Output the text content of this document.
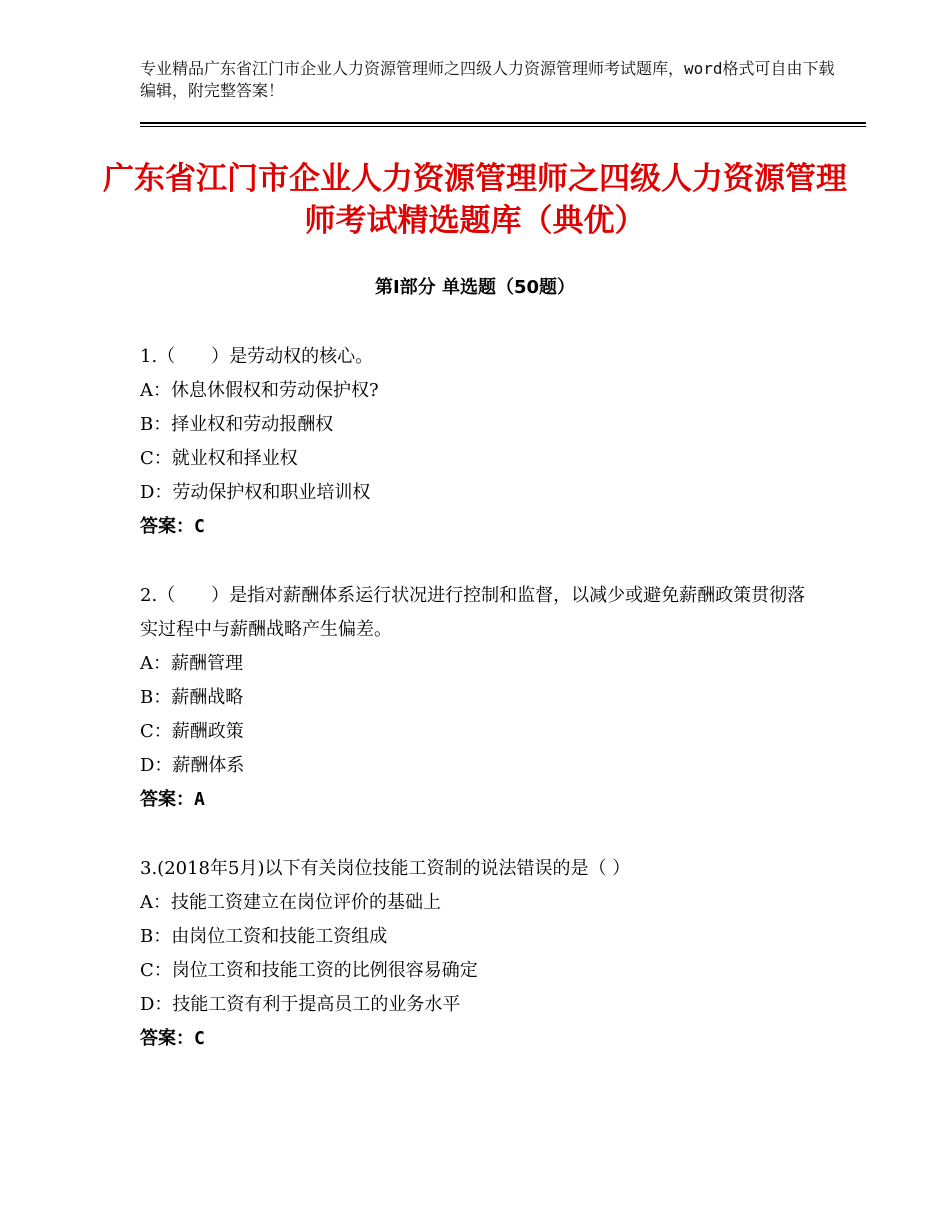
专业精品广东省江门市企业人力资源管理师之四级人力资源管理师考试题库，word格式可自由下载编辑，附完整答案！
广东省江门市企业人力资源管理师之四级人力资源管理师考试精选题库（典优）
第Ⅰ部分 单选题（50题）
1.（　　）是劳动权的核心。
A：休息休假权和劳动保护权?
B：择业权和劳动报酬权
C：就业权和择业权
D：劳动保护权和职业培训权
答案：C
2.（　　）是指对薪酬体系运行状况进行控制和监督，以减少或避免薪酬政策贯彻落实过程中与薪酬战略产生偏差。
A：薪酬管理
B：薪酬战略
C：薪酬政策
D：薪酬体系
答案：A
3.(2018年5月)以下有关岗位技能工资制的说法错误的是（ ）
A：技能工资建立在岗位评价的基础上
B：由岗位工资和技能工资组成
C：岗位工资和技能工资的比例很容易确定
D：技能工资有利于提高员工的业务水平
答案：C
